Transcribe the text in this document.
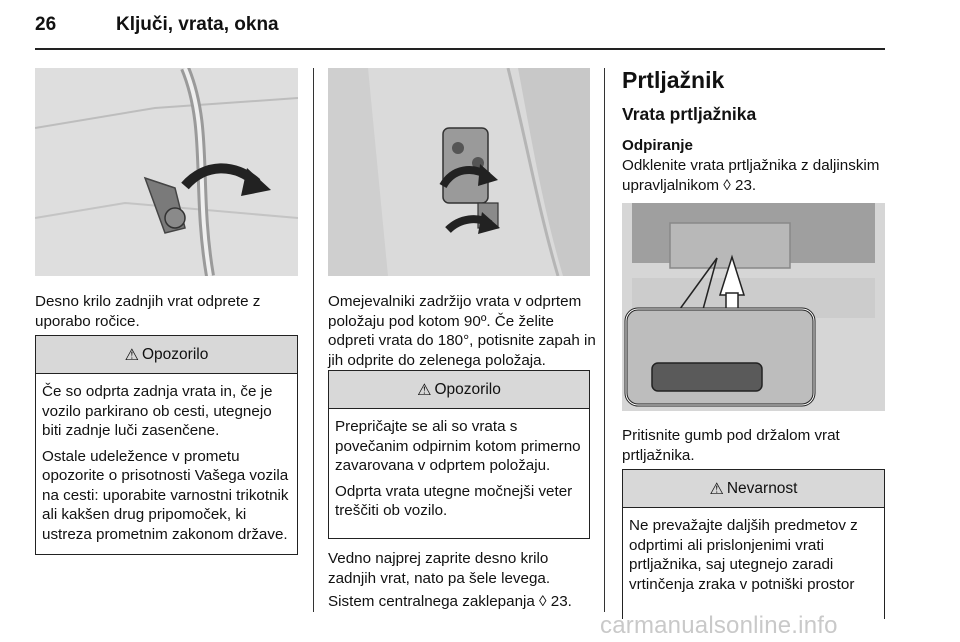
26	Ključi, vrata, okna
Desno krilo zadnjih vrat odprete z uporabo ročice.
⚠ Opozorilo

Če so odprta zadnja vrata in, če je vozilo parkirano ob cesti, utegnejo biti zadnje luči zasenčene.

Ostale udeležence v prometu opozorite o prisotnosti Vašega vozila na cesti: uporabite varnostni trikotnik ali kakšen drug pripomoček, ki ustreza prometnim zakonom države.

Omejevalniki zadržijo vrata v odprtem položaju pod kotom 90º. Če želite odpreti vrata do 180°, potisnite zapah in jih odprite do zelenega položaja.
⚠ Opozorilo

Prepričajte se ali so vrata s povečanim odpirnim kotom primerno zavarovana v odprtem položaju.

Odprta vrata utegne močnejši veter treščiti ob vozilo.

Vedno najprej zaprite desno krilo zadnjih vrat, nato pa šele levega.
Sistem centralnega zaklepanja ◊ 23.
Prtljažnik
Vrata prtljažnika
Odpiranje
Odklenite vrata prtljažnika z daljinskim upravljalnikom ◊ 23.
Pritisnite gumb pod držalom vrat prtljažnika.
⚠ Nevarnost

Ne prevažajte daljših predmetov z odprtimi ali prislonjenimi vrati prtljažnika, saj utegnejo zaradi vrtinčenja zraka v potniški prostor

carmanualsonline.info
